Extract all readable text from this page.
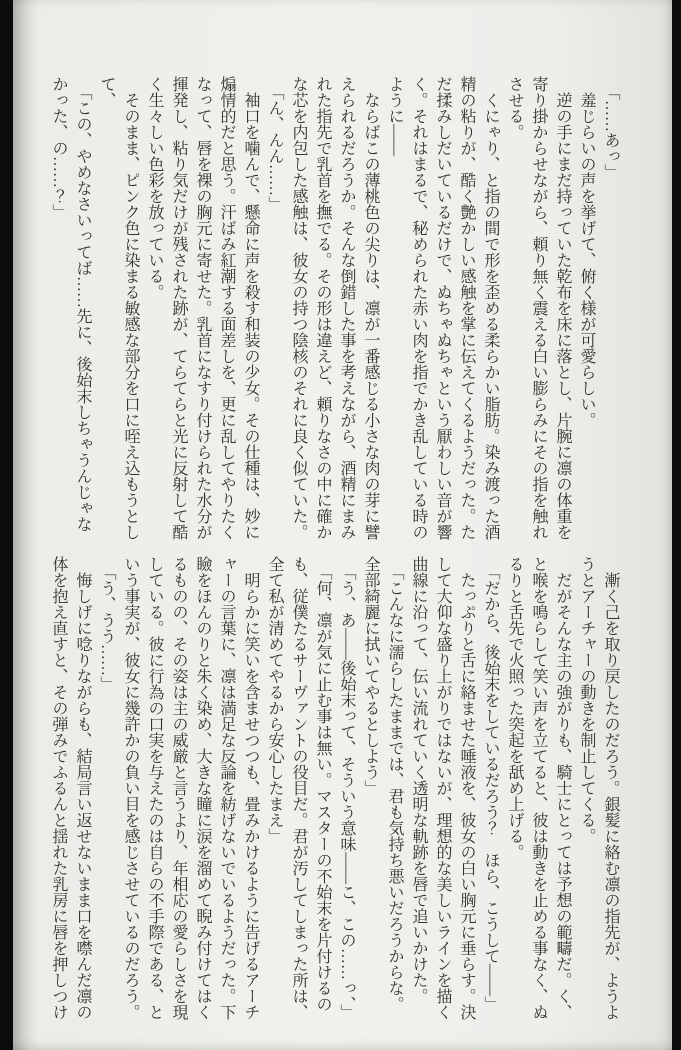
　「……あっ」
　羞じらいの声を挙げて、俯く様が可愛らしい。
　逆の手にまだ持っていた乾布を床に落とし、片腕に凛の体重を
寄り掛からせながら、頼り無く震える白い膨らみにその指を触れ
させる。
　くにゃり、と指の間で形を歪める柔らかい脂肪。染み渡った酒
精の粘りが、酷く艶かしい感触を掌に伝えてくるようだった。た
だ揉みしだいているだけで、ぬちゃぬちゃという厭わしい音が響
く。それはまるで、秘められた赤い肉を指でかき乱している時の
ように――
　ならばこの薄桃色の尖りは、凛が一番感じる小さな肉の芽に譬
えられるだろうか。そんな倒錯した事を考えながら、酒精にまみ
れた指先で乳首を撫でる。その形は違えど、頼りなさの中に確か
な芯を内包した感触は、彼女の持つ陰核のそれに良く似ていた。
　「ん、んん……」
　袖口を噛んで、懸命に声を殺す和装の少女。その仕種は、妙に
煽情的だと思う。汗ばみ紅潮する面差しを、更に乱してやりたく
なって、唇を裸の胸元に寄せた。乳首になすり付けられた水分が
揮発し、粘り気だけが残された跡が、てらてらと光に反射して酷
く生々しい色彩を放っている。
　そのまま、ピンク色に染まる敏感な部分を口に咥え込もうとし
て、
　「この、やめなさいってば……先に、後始末しちゃうんじゃな
かった、の……？」
　漸く己を取り戻したのだろう。銀髪に絡む凛の指先が、ようよ
うとアーチャーの動きを制止してくる。
　だがそんな主の強がりも、騎士にとっては予想の範疇だ。く、
と喉を鳴らして笑い声を立てると、彼は動きを止める事なく、ぬ
るりと舌先で火照った突起を舐め上げる。
　「だから、後始末をしているだろう？　ほら、こうして――」
　たっぷりと舌に絡ませた唾液を、彼女の白い胸元に垂らす。決
して大仰な盛り上がりではないが、理想的な美しいラインを描く
曲線に沿って、伝い流れていく透明な軌跡を唇で追いかけた。
　「こんなに濡らしたままでは、君も気持ち悪いだろうからな。
全部綺麗に拭いてやるとしよう」
　「う、あ――後始末って、そういう意味――こ、この……っ、」
　「何、凛が気に止む事は無い。マスターの不始末を片付けるの
も、従僕たるサーヴァントの役目だ。君が汚してしまった所は、
全て私が清めてやるから安心したまえ」
　明らかに笑いを含ませつつも、畳みかけるように告げるアーチ
ャーの言葉に、凛は満足な反論を紡げないでいるようだった。下
瞼をほんのりと朱く染め、大きな瞳に涙を溜めて睨み付けてはく
るものの、その姿は主の威厳と言うより、年相応の愛らしさを現
している。彼に行為の口実を与えたのは自らの不手際である、と
いう事実が、彼女に幾許かの負い目を感じさせているのだろう。
　「う、うう……」
　悔しげに唸りながらも、結局言い返せないまま口を噤んだ凛の
体を抱え直すと、その弾みでふるんと揺れた乳房に唇を押しつけ
